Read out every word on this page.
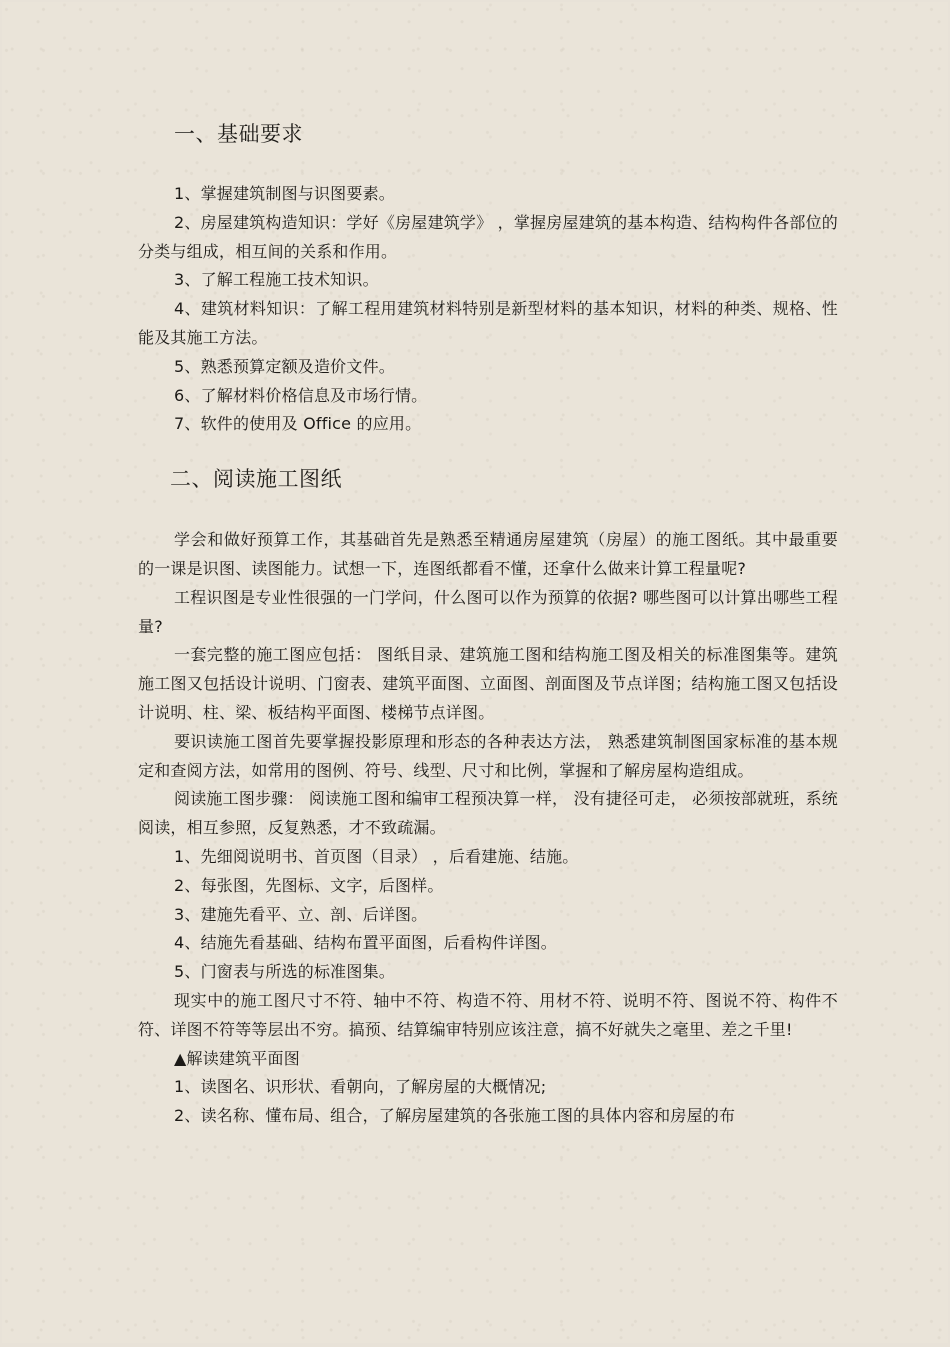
一、基础要求

1、掌握建筑制图与识图要素。

2、房屋建筑构造知识：学好《房屋建筑学》 ，掌握房屋建筑的基本构造、结构构件各部位的分类与组成，相互间的关系和作用。

3、了解工程施工技术知识。

4、建筑材料知识：了解工程用建筑材料特别是新型材料的基本知识，材料的种类、规格、性能及其施工方法。

5、熟悉预算定额及造价文件。

6、了解材料价格信息及市场行情。

7、软件的使用及 Office 的应用。

二、阅读施工图纸

学会和做好预算工作，其基础首先是熟悉至精通房屋建筑（房屋）的施工图纸。其中最重要的一课是识图、读图能力。试想一下，连图纸都看不懂，还拿什么做来计算工程量呢?

工程识图是专业性很强的一门学问，什么图可以作为预算的依据? 哪些图可以计算出哪些工程量?

一套完整的施工图应包括： 图纸目录、建筑施工图和结构施工图及相关的标准图集等。建筑施工图又包括设计说明、门窗表、建筑平面图、立面图、剖面图及节点详图；结构施工图又包括设计说明、柱、梁、板结构平面图、楼梯节点详图。

要识读施工图首先要掌握投影原理和形态的各种表达方法， 熟悉建筑制图国家标准的基本规定和查阅方法，如常用的图例、符号、线型、尺寸和比例，掌握和了解房屋构造组成。

阅读施工图步骤： 阅读施工图和编审工程预决算一样， 没有捷径可走， 必须按部就班，系统阅读，相互参照，反复熟悉，才不致疏漏。

1、先细阅说明书、首页图（目录） ，后看建施、结施。

2、每张图，先图标、文字，后图样。

3、建施先看平、立、剖、后详图。

4、结施先看基础、结构布置平面图，后看构件详图。

5、门窗表与所选的标准图集。

现实中的施工图尺寸不符、轴中不符、构造不符、用材不符、说明不符、图说不符、构件不符、详图不符等等层出不穷。搞预、结算编审特别应该注意，搞不好就失之毫里、差之千里!

▲解读建筑平面图

1、读图名、识形状、看朝向，了解房屋的大概情况;

2、读名称、懂布局、组合，了解房屋建筑的各张施工图的具体内容和房屋的布
